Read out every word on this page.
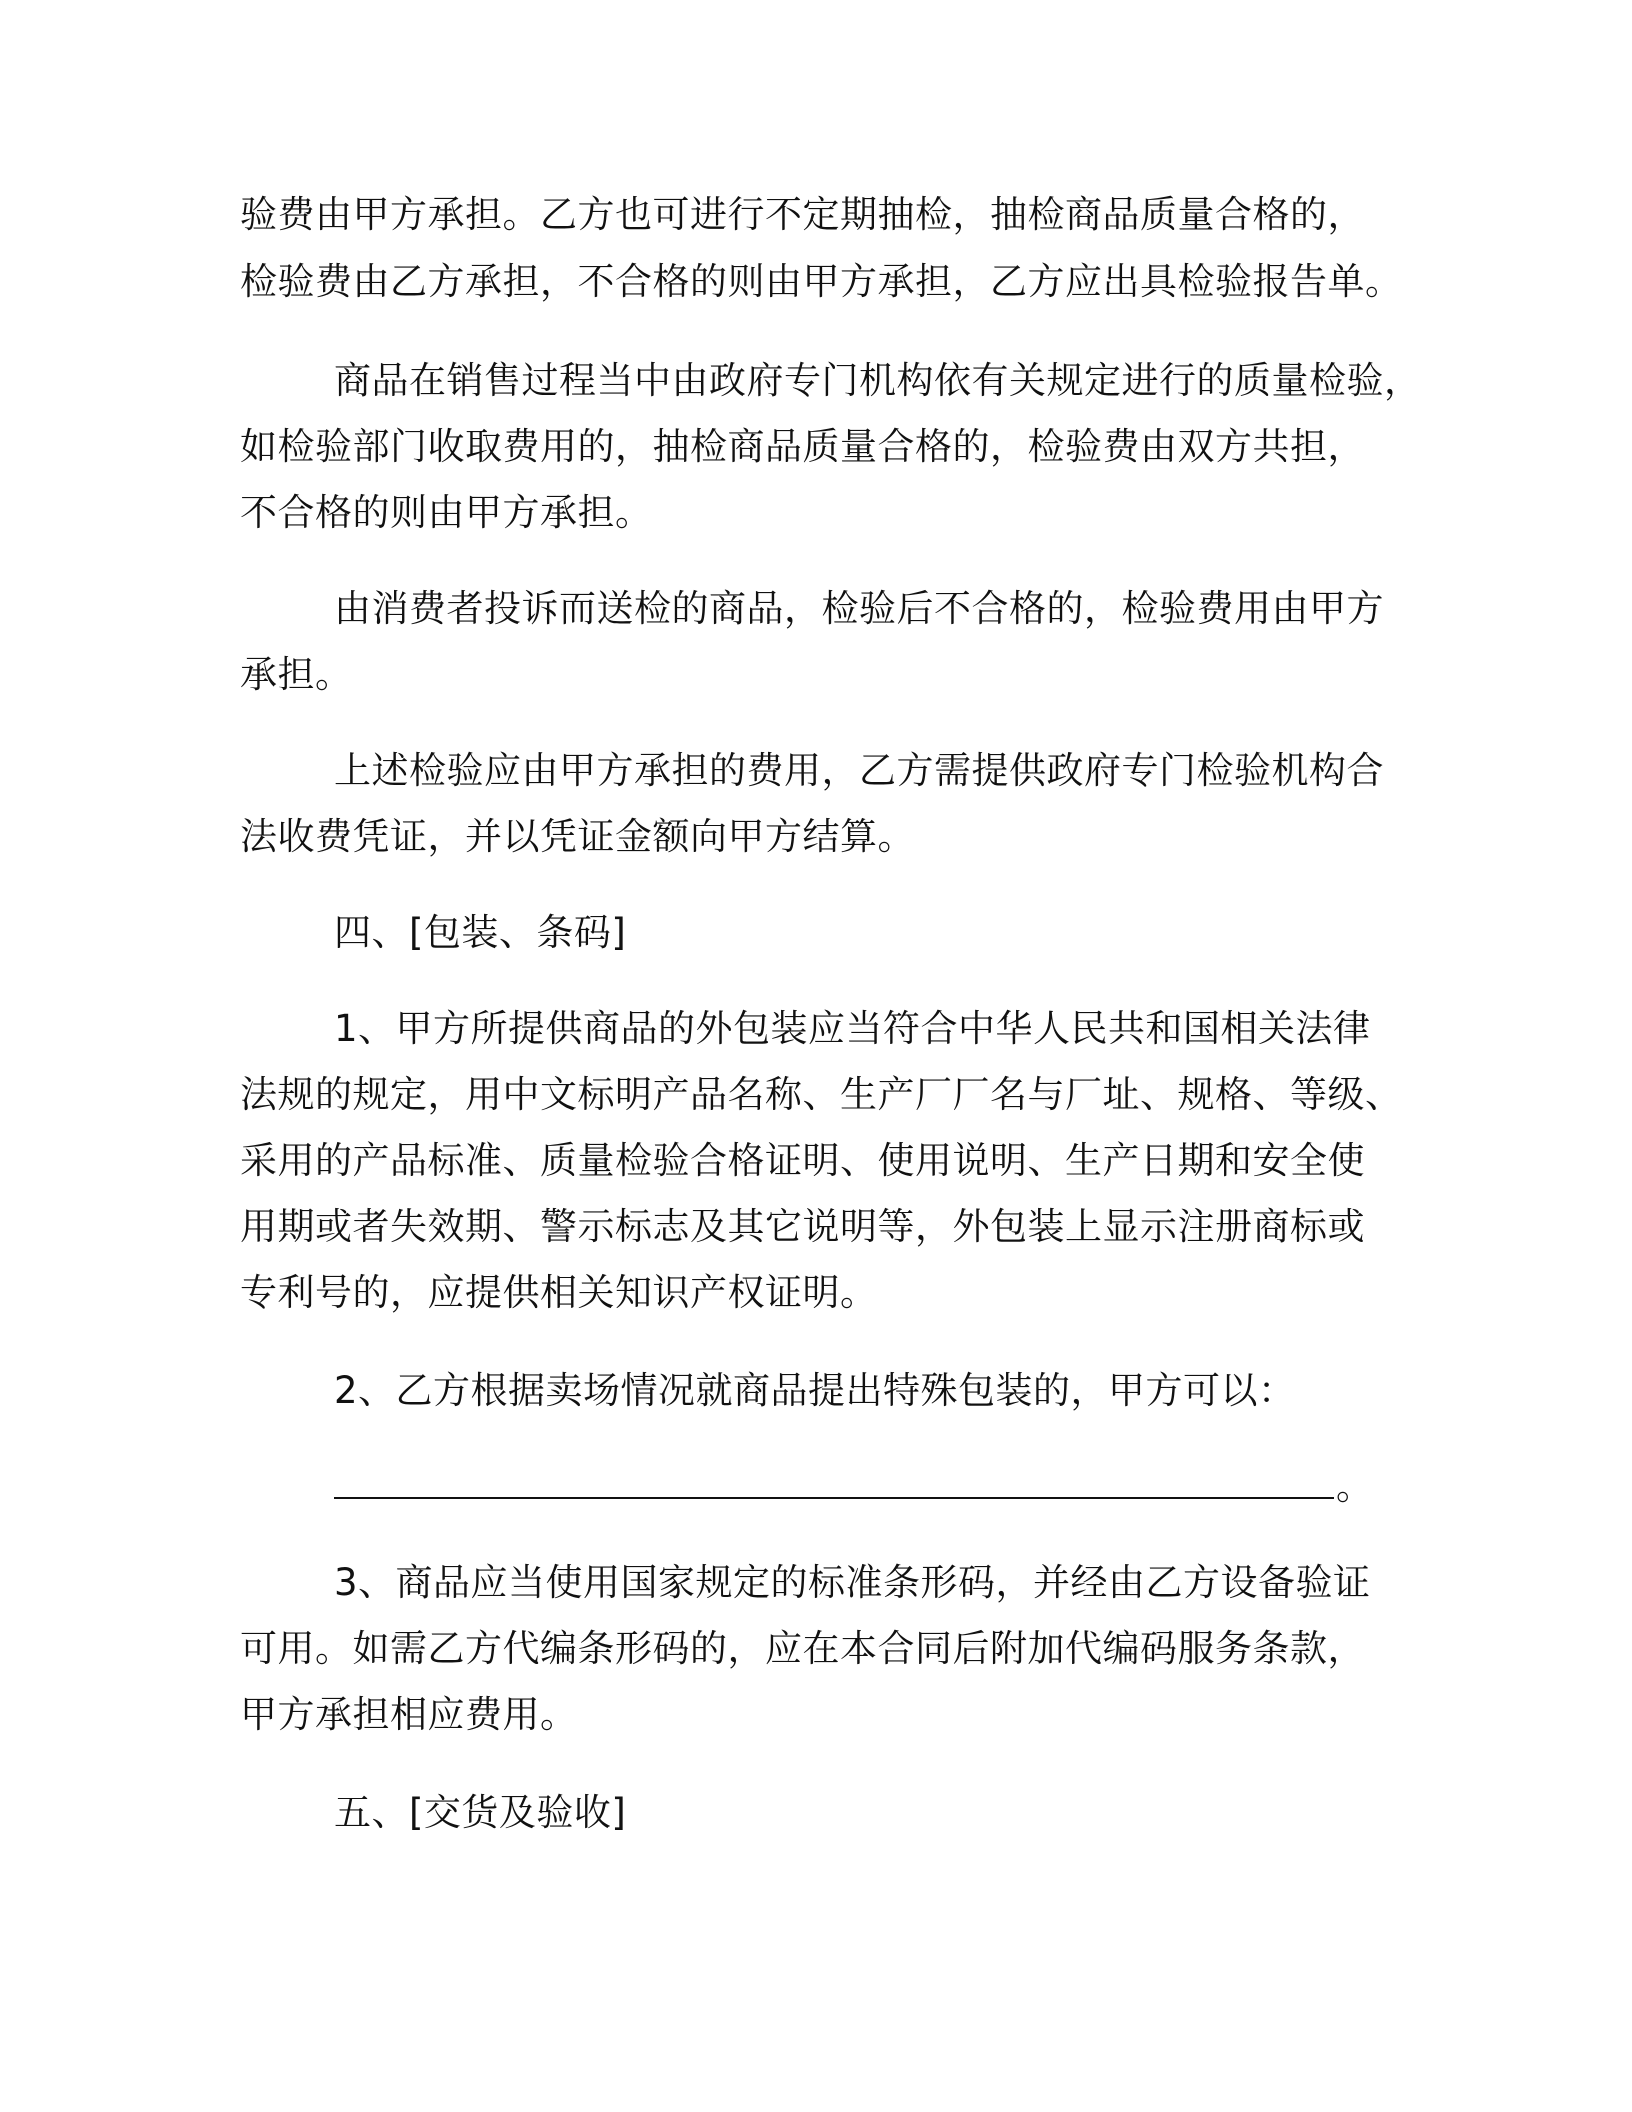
验费由甲方承担。乙方也可进行不定期抽检，抽检商品质量合格的，
检验费由乙方承担，不合格的则由甲方承担，乙方应出具检验报告单。
商品在销售过程当中由政府专门机构依有关规定进行的质量检验，
如检验部门收取费用的，抽检商品质量合格的，检验费由双方共担，
不合格的则由甲方承担。
由消费者投诉而送检的商品，检验后不合格的，检验费用由甲方
承担。
上述检验应由甲方承担的费用，乙方需提供政府专门检验机构合
法收费凭证，并以凭证金额向甲方结算。
四、[包装、条码]
1、甲方所提供商品的外包装应当符合中华人民共和国相关法律
法规的规定，用中文标明产品名称、生产厂厂名与厂址、规格、等级、
采用的产品标准、质量检验合格证明、使用说明、生产日期和安全使
用期或者失效期、警示标志及其它说明等，外包装上显示注册商标或
专利号的，应提供相关知识产权证明。
2、乙方根据卖场情况就商品提出特殊包装的，甲方可以：
。
3、商品应当使用国家规定的标准条形码，并经由乙方设备验证
可用。如需乙方代编条形码的，应在本合同后附加代编码服务条款，
甲方承担相应费用。
五、[交货及验收]
